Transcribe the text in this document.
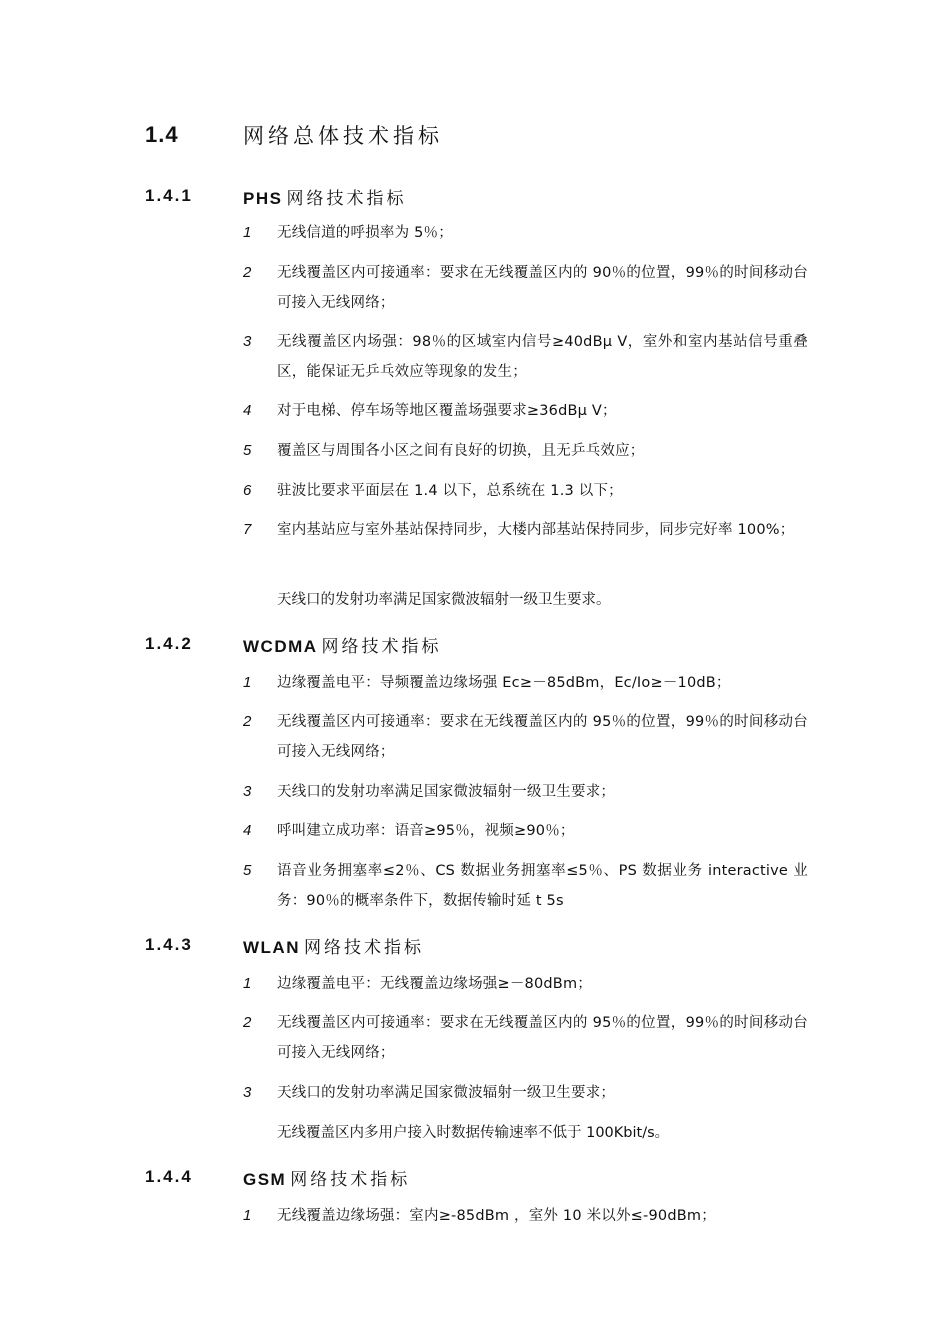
1.4	网络总体技术指标
1.4.1	PHS 网络技术指标
1 无线信道的呼损率为 5％；
2 无线覆盖区内可接通率：要求在无线覆盖区内的 90％的位置，99％的时间移动台可接入无线网络；
3 无线覆盖区内场强：98％的区域室内信号≥40dBμ V，室外和室内基站信号重叠区，能保证无乒乓效应等现象的发生；
4 对于电梯、停车场等地区覆盖场强要求≥36dBμ V；
5 覆盖区与周围各小区之间有良好的切换，且无乒乓效应；
6 驻波比要求平面层在 1.4 以下，总系统在 1.3 以下；
7 室内基站应与室外基站保持同步，大楼内部基站保持同步，同步完好率 100%；
天线口的发射功率满足国家微波辐射一级卫生要求。
1.4.2	WCDMA 网络技术指标
1 边缘覆盖电平：导频覆盖边缘场强 Ec≥－85dBm，Ec/Io≥－10dB；
2 无线覆盖区内可接通率：要求在无线覆盖区内的 95％的位置，99％的时间移动台可接入无线网络；
3 天线口的发射功率满足国家微波辐射一级卫生要求；
4 呼叫建立成功率：语音≥95％，视频≥90％；
5 语音业务拥塞率≤2％、CS 数据业务拥塞率≤5％、PS 数据业务 interactive 业务：90％的概率条件下，数据传输时延 t 5s
1.4.3	WLAN 网络技术指标
1 边缘覆盖电平：无线覆盖边缘场强≥－80dBm；
2 无线覆盖区内可接通率：要求在无线覆盖区内的 95％的位置，99％的时间移动台可接入无线网络；
3 天线口的发射功率满足国家微波辐射一级卫生要求；
无线覆盖区内多用户接入时数据传输速率不低于 100Kbit/s。
1.4.4	GSM 网络技术指标
1 无线覆盖边缘场强：室内≥-85dBm ，室外 10 米以外≤-90dBm；
